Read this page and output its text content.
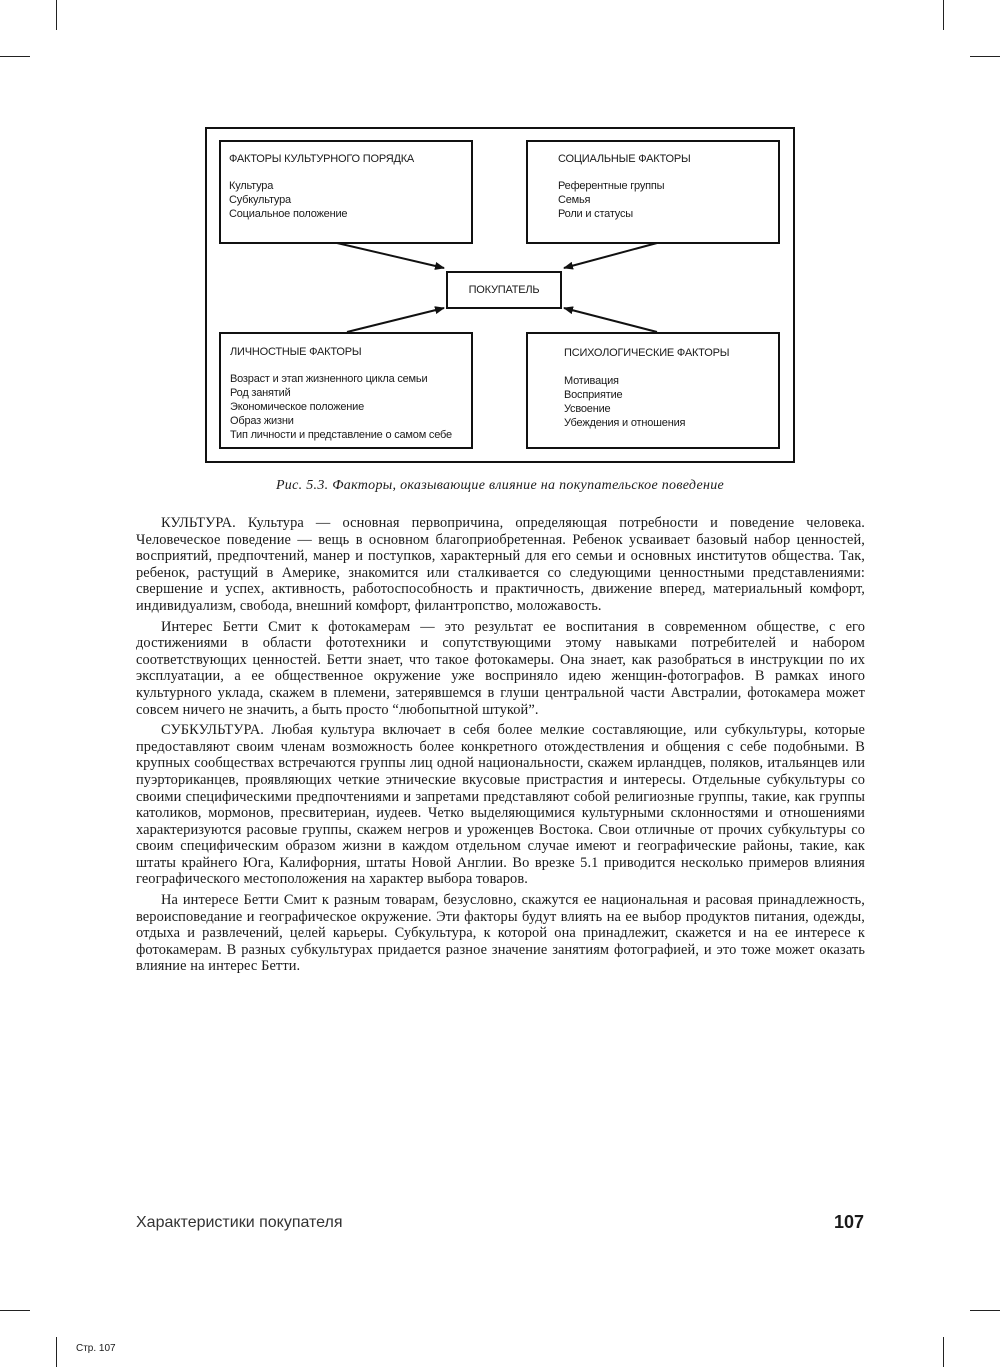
ФАКТОРЫ КУЛЬТУРНОГО ПОРЯДКА
Культура
Субкультура
Социальное положение
СОЦИАЛЬНЫЕ ФАКТОРЫ
Референтные группы
Семья
Роли и статусы
ПОКУПАТЕЛЬ
ЛИЧНОСТНЫЕ ФАКТОРЫ
Возраст и этап жизненного цикла семьи
Род занятий
Экономическое положение
Образ жизни
Тип личности и представление о самом себе
ПСИХОЛОГИЧЕСКИЕ ФАКТОРЫ
Мотивация
Восприятие
Усвоение
Убеждения и отношения
Рис. 5.3. Факторы, оказывающие влияние на покупательское поведение

КУЛЬТУРА. Культура — основная первопричина, определяющая потребности и поведение человека. Человеческое поведение — вещь в основном благоприобретенная. Ребенок усваивает базовый набор ценностей, восприятий, предпочтений, манер и поступков, характерный для его семьи и основных институтов общества. Так, ребенок, растущий в Америке, знакомится или сталкивается со следующими ценностными представлениями: свершение и успех, активность, работоспособность и практичность, движение вперед, материальный комфорт, индивидуализм, свобода, внешний комфорт, филантропство, моложавость.

Интерес Бетти Смит к фотокамерам — это результат ее воспитания в современном обществе, с его достижениями в области фототехники и сопутствующими этому навыками потребителей и набором соответствующих ценностей. Бетти знает, что такое фотокамеры. Она знает, как разобраться в инструкции по их эксплуатации, а ее общественное окружение уже восприняло идею женщин-фотографов. В рамках иного культурного уклада, скажем в племени, затерявшемся в глуши центральной части Австралии, фотокамера может совсем ничего не значить, а быть просто “любопытной штукой”.

СУБКУЛЬТУРА. Любая культура включает в себя более мелкие составляющие, или субкультуры, которые предоставляют своим членам возможность более конкретного отождествления и общения с себе подобными. В крупных сообществах встречаются группы лиц одной национальности, скажем ирландцев, поляков, итальянцев или пуэрториканцев, проявляющих четкие этнические вкусовые пристрастия и интересы. Отдельные субкультуры со своими специфическими предпочтениями и запретами представляют собой религиозные группы, такие, как группы католиков, мормонов, пресвитериан, иудеев. Четко выделяющимися культурными склонностями и отношениями характеризуются расовые группы, скажем негров и уроженцев Востока. Свои отличные от прочих субкультуры со своим специфическим образом жизни в каждом отдельном случае имеют и географические районы, такие, как штаты крайнего Юга, Калифорния, штаты Новой Англии. Во врезке 5.1 приводится несколько примеров влияния географического местоположения на характер выбора товаров.

На интересе Бетти Смит к разным товарам, безусловно, скажутся ее национальная и расовая принадлежность, вероисповедание и географическое окружение. Эти факторы будут влиять на ее выбор продуктов питания, одежды, отдыха и развлечений, целей карьеры. Субкультура, к которой она принадлежит, скажется и на ее интересе к фотокамерам. В разных субкультурах придается разное значение занятиям фотографией, и это тоже может оказать влияние на интерес Бетти.

Характеристики покупателя	107
Стр. 107
